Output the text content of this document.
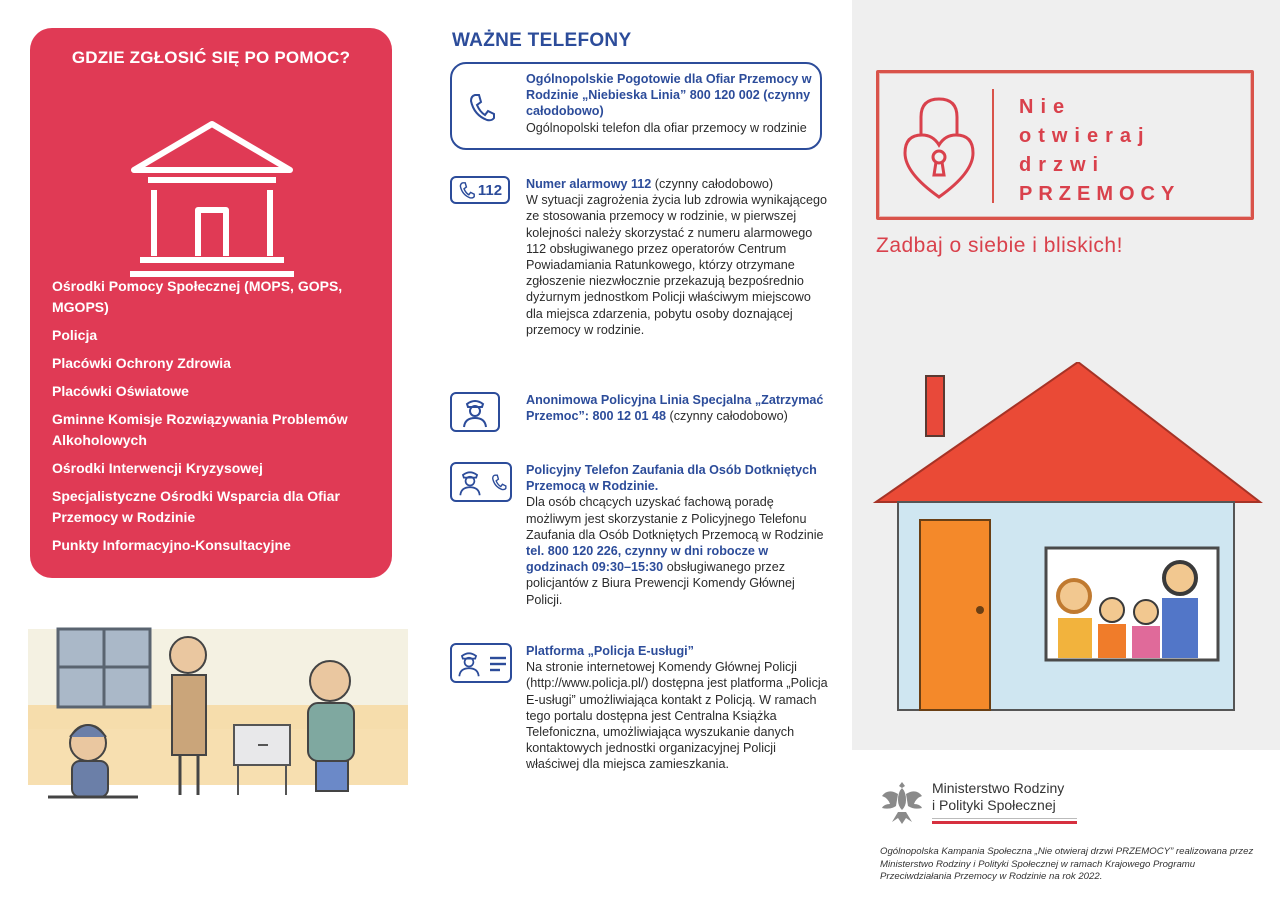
GDZIE ZGŁOSIĆ SIĘ PO POMOC?
Ośrodki Pomocy Społecznej (MOPS, GOPS, MGOPS)
Policja
Placówki Ochrony Zdrowia
Placówki Oświatowe
Gminne Komisje Rozwiązywania Problemów Alkoholowych
Ośrodki Interwencji Kryzysowej
Specjalistyczne Ośrodki Wsparcia dla Ofiar Przemocy w Rodzinie
Punkty Informacyjno-Konsultacyjne
WAŻNE TELEFONY
Ogólnopolskie Pogotowie dla Ofiar Przemocy w Rodzinie „Niebieska Linia” 800 120 002 (czynny całodobowo)
Ogólnopolski telefon dla ofiar przemocy w rodzinie
112 Numer alarmowy 112 (czynny całodobowo)
W sytuacji zagrożenia życia lub zdrowia wynikającego ze stosowania przemocy w rodzinie, w pierwszej kolejności należy skorzystać z numeru alarmowego 112 obsługiwanego przez operatorów Centrum Powiadamiania Ratunkowego, którzy otrzymane zgłoszenie niezwłocznie przekazują bezpośrednio dyżurnym jednostkom Policji właściwym miejscowo dla miejsca zdarzenia, pobytu osoby doznającej przemocy w rodzinie.
Anonimowa Policyjna Linia Specjalna „Zatrzymać Przemoc”: 800 12 01 48 (czynny całodobowo)
Policyjny Telefon Zaufania dla Osób Dotkniętych Przemocą w Rodzinie.
Dla osób chcących uzyskać fachową poradę możliwym jest skorzystanie z Policyjnego Telefonu Zaufania dla Osób Dotkniętych Przemocą w Rodzinie tel. 800 120 226, czynny w dni robocze w godzinach 09:30–15:30 obsługiwanego przez policjantów z Biura Prewencji Komendy Głównej Policji.
Platforma „Policja E-usługi”
Na stronie internetowej Komendy Głównej Policji (http://www.policja.pl/) dostępna jest platforma „Policja E-usługi” umożliwiająca kontakt z Policją. W ramach tego portalu dostępna jest Centralna Książka Telefoniczna, umożliwiająca wyszukanie danych kontaktowych jednostki organizacyjnej Policji właściwej dla miejsca zamieszkania.
Nie
otwieraj
drzwi
PRZEMOCY
Zadbaj o siebie i bliskich!
Ministerstwo Rodziny
i Polityki Społecznej

Ogólnopolska Kampania Społeczna „Nie otwieraj drzwi PRZEMOCY” realizowana przez Ministerstwo Rodziny i Polityki Społecznej w ramach Krajowego Programu Przeciwdziałania Przemocy w Rodzinie na rok 2022.
